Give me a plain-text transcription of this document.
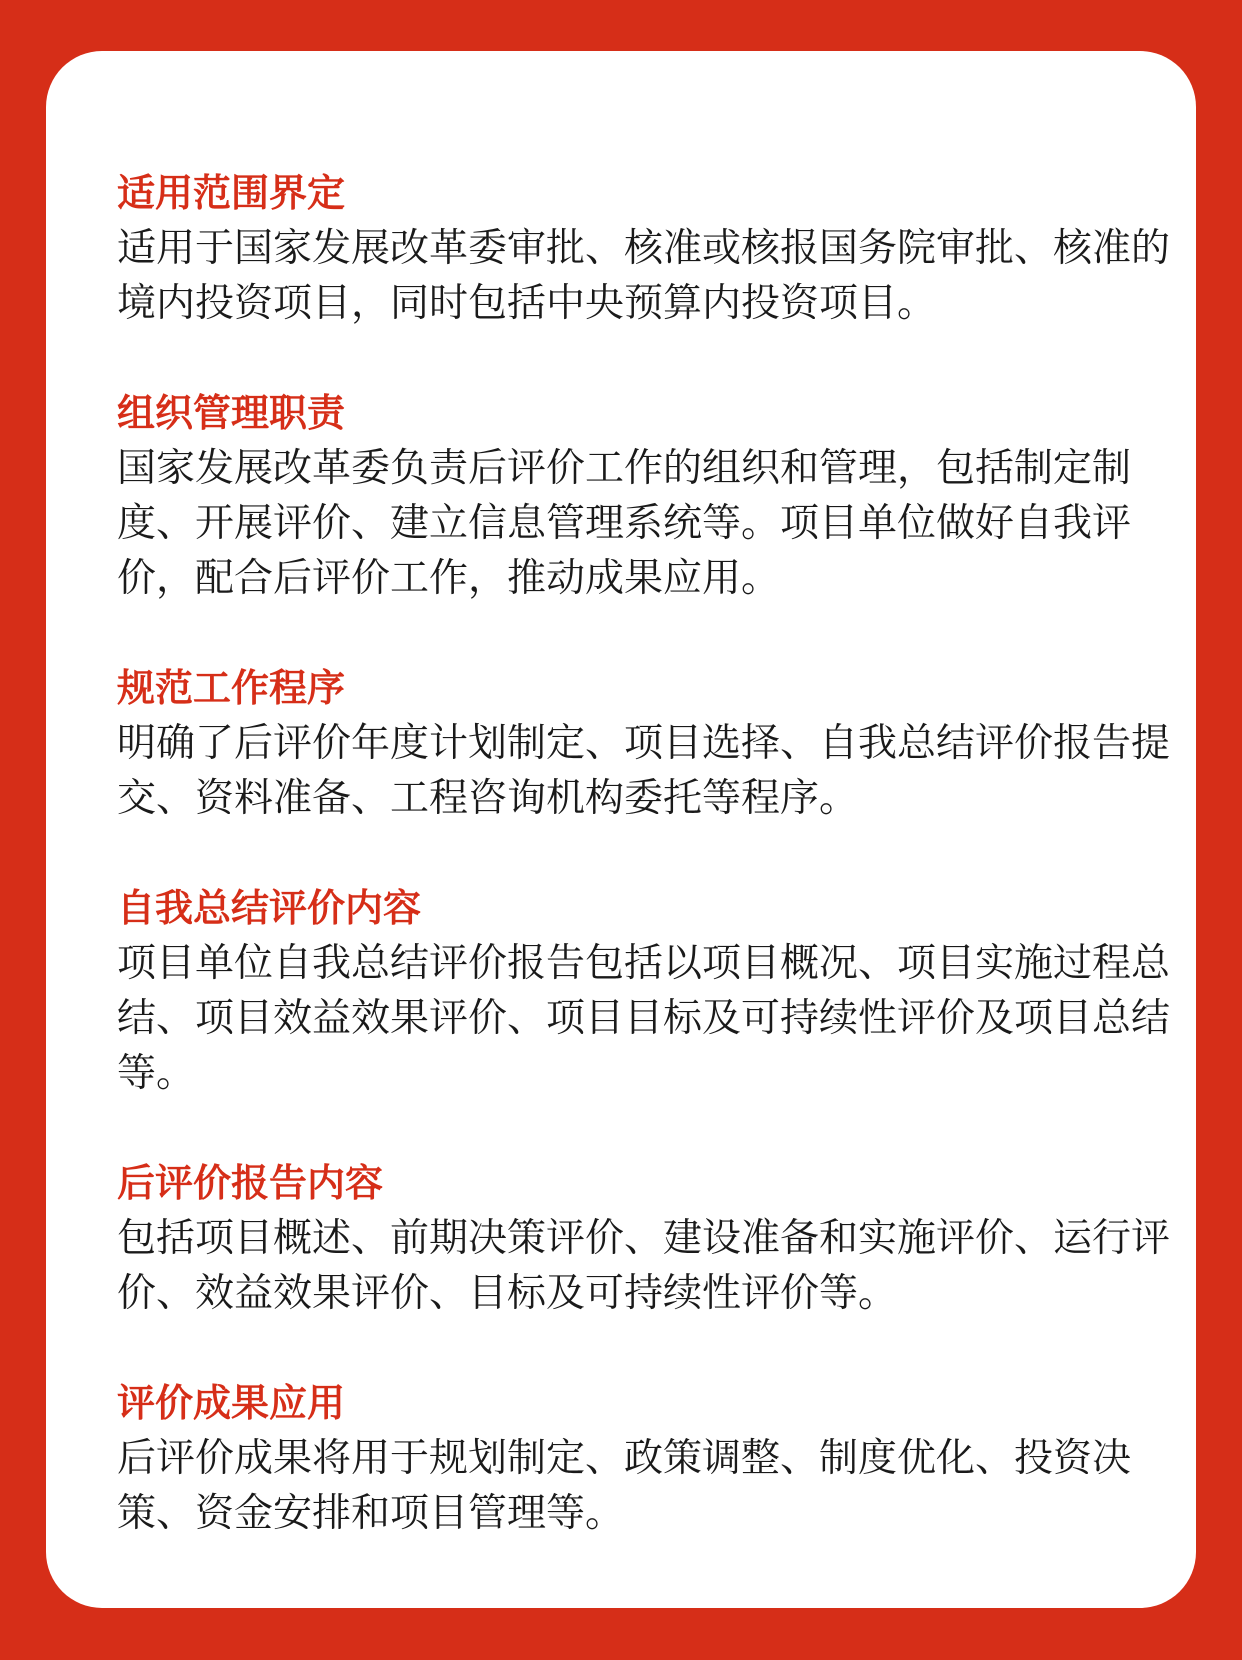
适用范围界定
适用于国家发展改革委审批、核准或核报国务院审批、核准的
境内投资项目，同时包括中央预算内投资项目。
组织管理职责
国家发展改革委负责后评价工作的组织和管理，包括制定制
度、开展评价、建立信息管理系统等。项目单位做好自我评
价，配合后评价工作，推动成果应用。
规范工作程序
明确了后评价年度计划制定、项目选择、自我总结评价报告提
交、资料准备、工程咨询机构委托等程序。
自我总结评价内容
项目单位自我总结评价报告包括以项目概况、项目实施过程总
结、项目效益效果评价、项目目标及可持续性评价及项目总结
等。
后评价报告内容
包括项目概述、前期决策评价、建设准备和实施评价、运行评
价、效益效果评价、目标及可持续性评价等。
评价成果应用
后评价成果将用于规划制定、政策调整、制度优化、投资决
策、资金安排和项目管理等。
